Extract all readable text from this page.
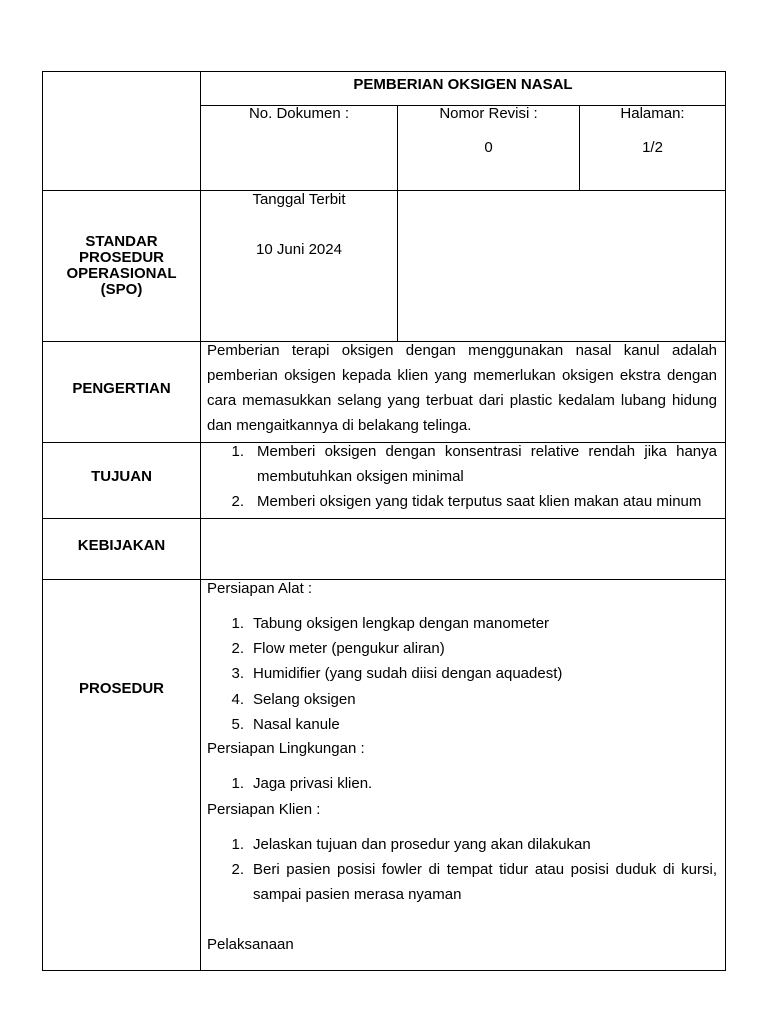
PEMBERIAN OKSIGEN NASAL
No. Dokumen :	Nomor Revisi :
0
Halaman:
1/2
Tanggal Terbit
10 Juni 2024
STANDAR
PROSEDUR
OPERASIONAL
(SPO)
PENGERTIAN
Pemberian terapi oksigen dengan menggunakan nasal kanul adalah
pemberian oksigen kepada klien yang memerlukan oksigen ekstra dengan
cara memasukkan selang yang terbuat dari plastic kedalam lubang hidung
dan mengaitkannya di belakang telinga.
TUJUAN
1. Memberi oksigen dengan konsentrasi relative rendah jika hanya
membutuhkan oksigen minimal
2. Memberi oksigen yang tidak terputus saat klien makan atau minum
KEBIJAKAN
PROSEDUR
Persiapan Alat :
1. Tabung oksigen lengkap dengan manometer
2. Flow meter (pengukur aliran)
3. Humidifier (yang sudah diisi dengan aquadest)
4. Selang oksigen
5. Nasal kanule
Persiapan Lingkungan :
1. Jaga privasi klien.
Persiapan Klien :
1. Jelaskan tujuan dan prosedur yang akan dilakukan
2. Beri pasien posisi fowler di tempat tidur atau posisi duduk di kursi,
sampai pasien merasa nyaman
Pelaksanaan
